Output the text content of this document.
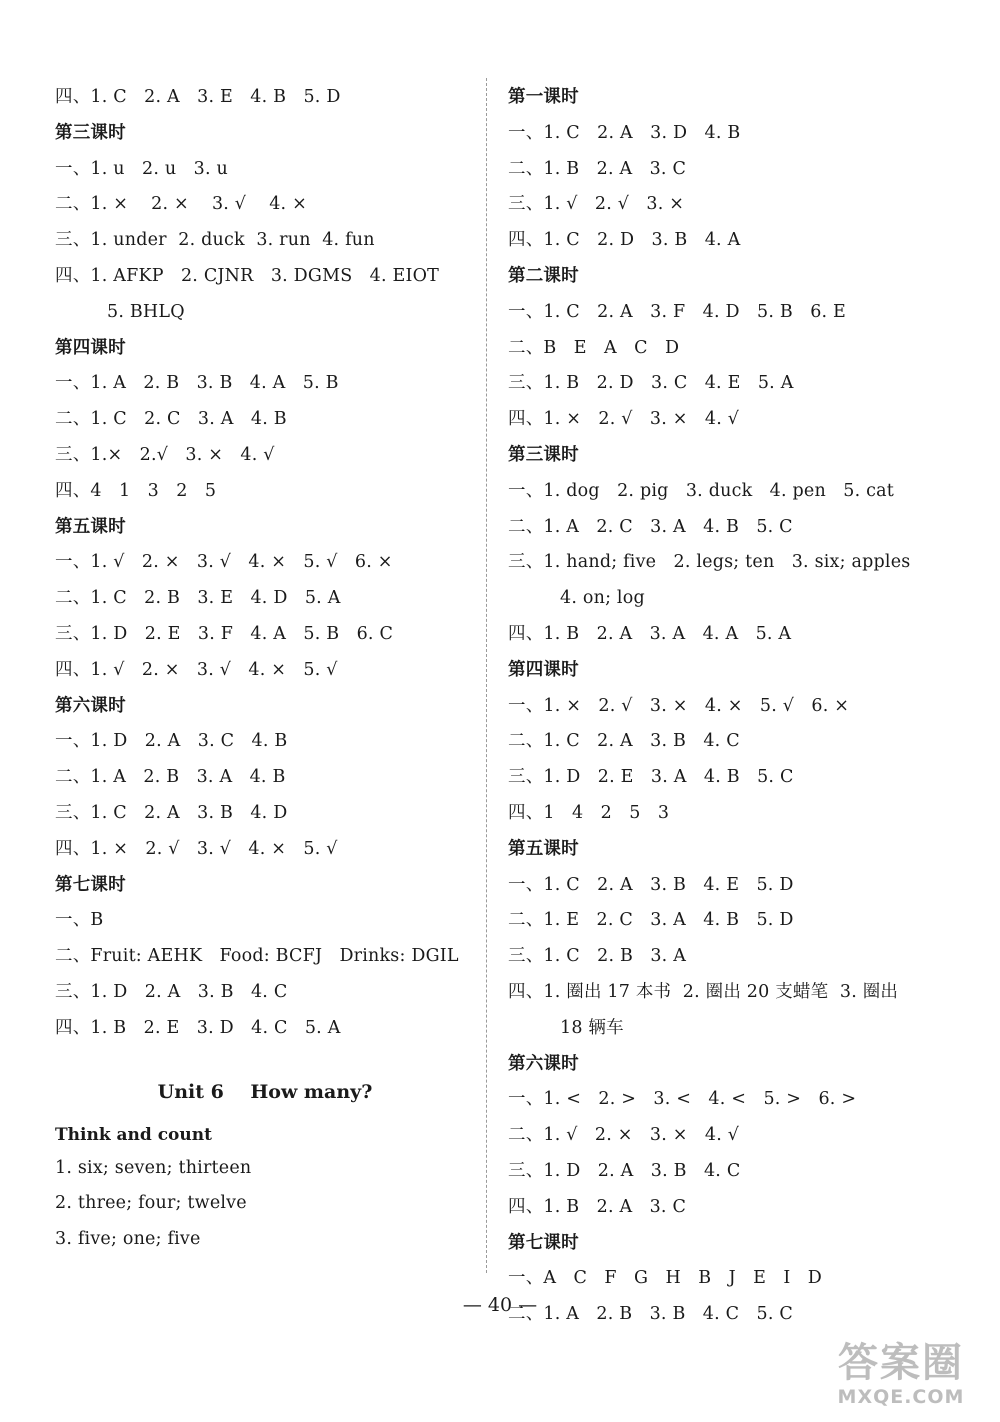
四、1. C   2. A   3. E   4. B   5. D
第三课时
一、1. u   2. u   3. u
二、1. ×    2. ×    3. √    4. ×
三、1. under  2. duck  3. run  4. fun
四、1. AFKP   2. CJNR   3. DGMS   4. EIOT
5. BHLQ
第四课时
一、1. A   2. B   3. B   4. A   5. B
二、1. C   2. C   3. A   4. B
三、1.×   2.√   3. ×   4. √
四、4   1   3   2   5
第五课时
一、1. √   2. ×   3. √   4. ×   5. √   6. ×
二、1. C   2. B   3. E   4. D   5. A
三、1. D   2. E   3. F   4. A   5. B   6. C
四、1. √   2. ×   3. √   4. ×   5. √
第六课时
一、1. D   2. A   3. C   4. B
二、1. A   2. B   3. A   4. B
三、1. C   2. A   3. B   4. D
四、1. ×   2. √   3. √   4. ×   5. √
第七课时
一、B
二、Fruit: AEHK   Food: BCFJ   Drinks: DGIL
三、1. D   2. A   3. B   4. C
四、1. B   2. E   3. D   4. C   5. A
Unit 6    How many?
Think and count
1. six; seven; thirteen
2. three; four; twelve
3. five; one; five
第一课时
一、1. C   2. A   3. D   4. B
二、1. B   2. A   3. C
三、1. √   2. √   3. ×
四、1. C   2. D   3. B   4. A
第二课时
一、1. C   2. A   3. F   4. D   5. B   6. E
二、B   E   A   C   D
三、1. B   2. D   3. C   4. E   5. A
四、1. ×   2. √   3. ×   4. √
第三课时
一、1. dog   2. pig   3. duck   4. pen   5. cat
二、1. A   2. C   3. A   4. B   5. C
三、1. hand; five   2. legs; ten   3. six; apples
4. on; log
四、1. B   2. A   3. A   4. A   5. A
第四课时
一、1. ×   2. √   3. ×   4. ×   5. √   6. ×
二、1. C   2. A   3. B   4. C
三、1. D   2. E   3. A   4. B   5. C
四、1   4   2   5   3
第五课时
一、1. C   2. A   3. B   4. E   5. D
二、1. E   2. C   3. A   4. B   5. D
三、1. C   2. B   3. A
四、1. 圈出 17 本书  2. 圈出 20 支蜡笔  3. 圈出
18 辆车
第六课时
一、1. <   2. >   3. <   4. <   5. >   6. >
二、1. √   2. ×   3. ×   4. √
三、1. D   2. A   3. B   4. C
四、1. B   2. A   3. C
第七课时
一、A   C   F   G   H   B   J   E   I   D
二、1. A   2. B   3. B   4. C   5. C
— 40 —
答案圈
MXQE.COM
